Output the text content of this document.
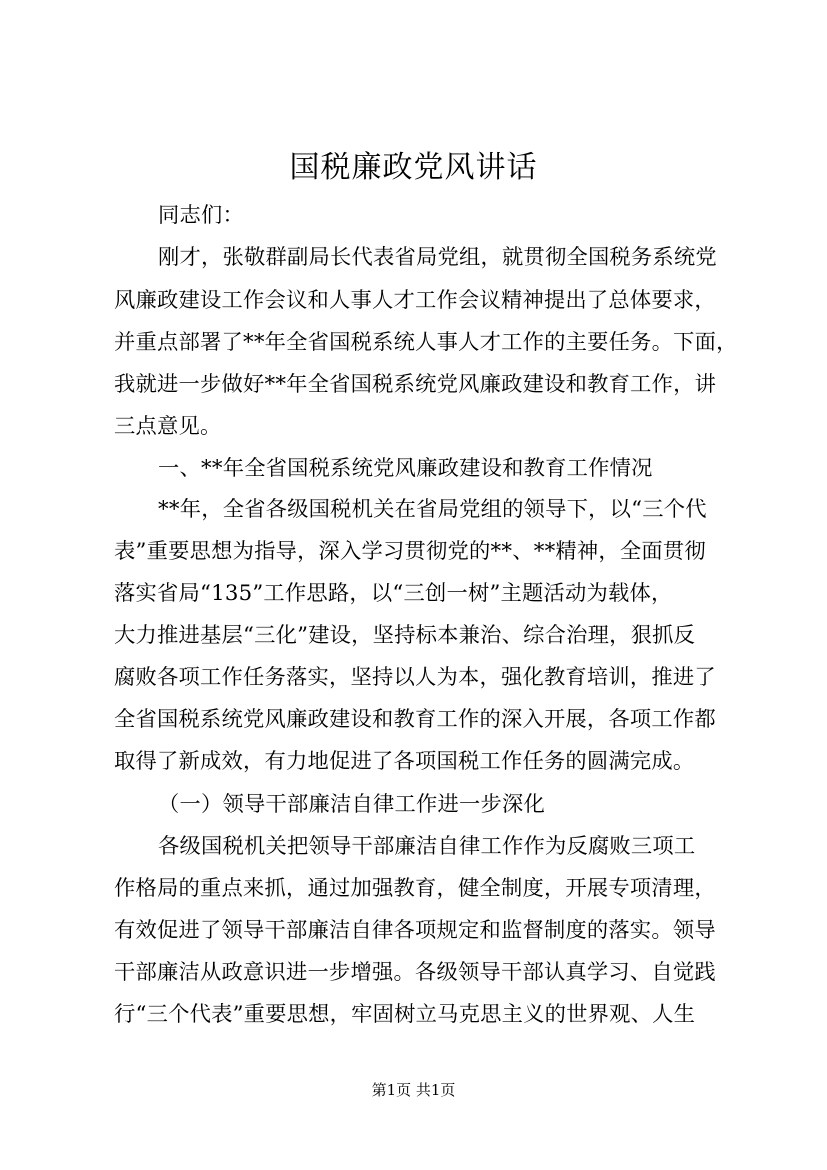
国税廉政党风讲话
同志们：
刚才，张敬群副局长代表省局党组，就贯彻全国税务系统党
风廉政建设工作会议和人事人才工作会议精神提出了总体要求，
并重点部署了**年全省国税系统人事人才工作的主要任务。下面，
我就进一步做好**年全省国税系统党风廉政建设和教育工作，讲
三点意见。
一、**年全省国税系统党风廉政建设和教育工作情况
**年，全省各级国税机关在省局党组的领导下，以“三个代
表”重要思想为指导，深入学习贯彻党的**、**精神，全面贯彻
落实省局“135”工作思路，以“三创一树”主题活动为载体，
大力推进基层“三化”建设，坚持标本兼治、综合治理，狠抓反
腐败各项工作任务落实，坚持以人为本，强化教育培训，推进了
全省国税系统党风廉政建设和教育工作的深入开展，各项工作都
取得了新成效，有力地促进了各项国税工作任务的圆满完成。
（一）领导干部廉洁自律工作进一步深化
各级国税机关把领导干部廉洁自律工作作为反腐败三项工
作格局的重点来抓，通过加强教育，健全制度，开展专项清理，
有效促进了领导干部廉洁自律各项规定和监督制度的落实。领导
干部廉洁从政意识进一步增强。各级领导干部认真学习、自觉践
行“三个代表”重要思想，牢固树立马克思主义的世界观、人生
第1页 共1页
